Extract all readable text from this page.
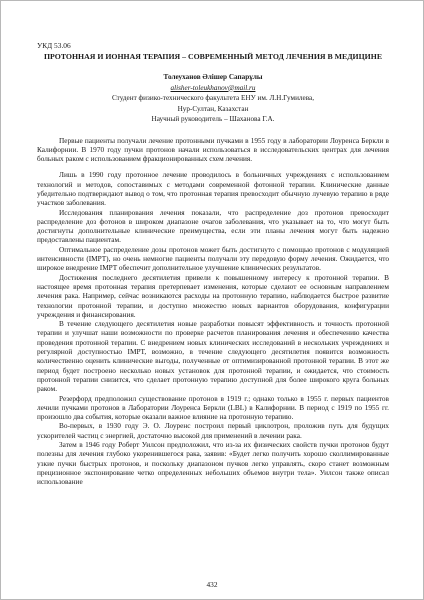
УКД 53.06
ПРОТОННАЯ И ИОННАЯ ТЕРАПИЯ – СОВРЕМЕННЫЙ МЕТОД ЛЕЧЕНИЯ В МЕДИЦИНЕ
Толеуханов Әлішер Сапарұлы
alisher-toleukhanov@mail.ru
Студент физико-технического факультета ЕНУ им. Л.Н.Гумилева,
Нур-Султан, Казахстан
Научный руководитель – Шаханова Г.А.

Первые пациенты получали лечение протонными пучками в 1955 году в лаборатории Лоуренса Беркли в Калифорнии. В 1970 году пучки протонов начали использоваться в исследовательских центрах для лечения больных раком с использованием фракционированных схем лечения.

Лишь в 1990 году протонное лечение проводилось в больничных учреждениях с использованием технологий и методов, сопоставимых с методами современной фотонной терапии. Клинические данные убедительно подтверждают вывод о том, что протонная терапия превосходит обычную лучевую терапию в ряде участков заболевания.

Исследования планирования лечения показали, что распределение доз протонов превосходит распределение доз фотонов в широком диапазоне очагов заболевания, что указывает на то, что могут быть достигнуты дополнительные клинические преимущества, если эти планы лечения могут быть надежно предоставлены пациентам.

Оптимальное распределение дозы протонов может быть достигнуто с помощью протонов с модуляцией интенсивности (IMPT), но очень немногие пациенты получали эту передовую форму лечения. Ожидается, что широкое внедрение IMPT обеспечит дополнительное улучшение клинических результатов.

Достижения последнего десятилетия привели к повышенному интересу к протонной терапии. В настоящее время протонная терапия претерпевает изменения, которые сделают ее основным направлением лечения рака. Например, сейчас возникаются расходы на протонную терапию, наблюдается быстрое развитие технологии протонной терапии, и доступно множество новых вариантов оборудования, конфигурации учреждения и финансирования.

В течение следующего десятилетия новые разработки повысят эффективность и точность протонной терапии и улучшат наши возможности по проверке расчетов планирования лечения и обеспечению качества проведения протонной терапии. С внедрением новых клинических исследований в нескольких учреждениях и регулярной доступностью IMPT, возможно, в течение следующего десятилетия появится возможность количественно оценить клинические выгоды, полученные от оптимизированной протонной терапии. В этот же период будет построено несколько новых установок для протонной терапии, и ожидается, что стоимость протонной терапии снизится, что сделает протонную терапию доступной для более широкого круга больных раком.

Резерфорд предположил существование протонов в 1919 г.; однако только в 1955 г. первых пациентов лечили пучками протонов в Лаборатории Лоуренса Беркли (LBL) в Калифорнии. В период с 1919 по 1955 гг. произошло два события, которые оказали важное влияние на протонную терапию.

Во-первых, в 1930 году Э. О. Лоуренс построил первый циклотрон, проложив путь для будущих ускорителей частиц с энергией, достаточно высокой для применений в лечении рака.

Затем в 1946 году Роберт Уилсон предположил, что из-за их физических свойств пучки протонов будут полезны для лечения глубоко укоренившегося рака, заявив: «Будет легко получить хорошо сколлимированные узкие пучки быстрых протонов, и поскольку диапазоном пучков легко управлять, скоро станет возможным прецизионное экспонирование четко определенных небольших объемов внутри тела». Уилсон также описал использование

432
